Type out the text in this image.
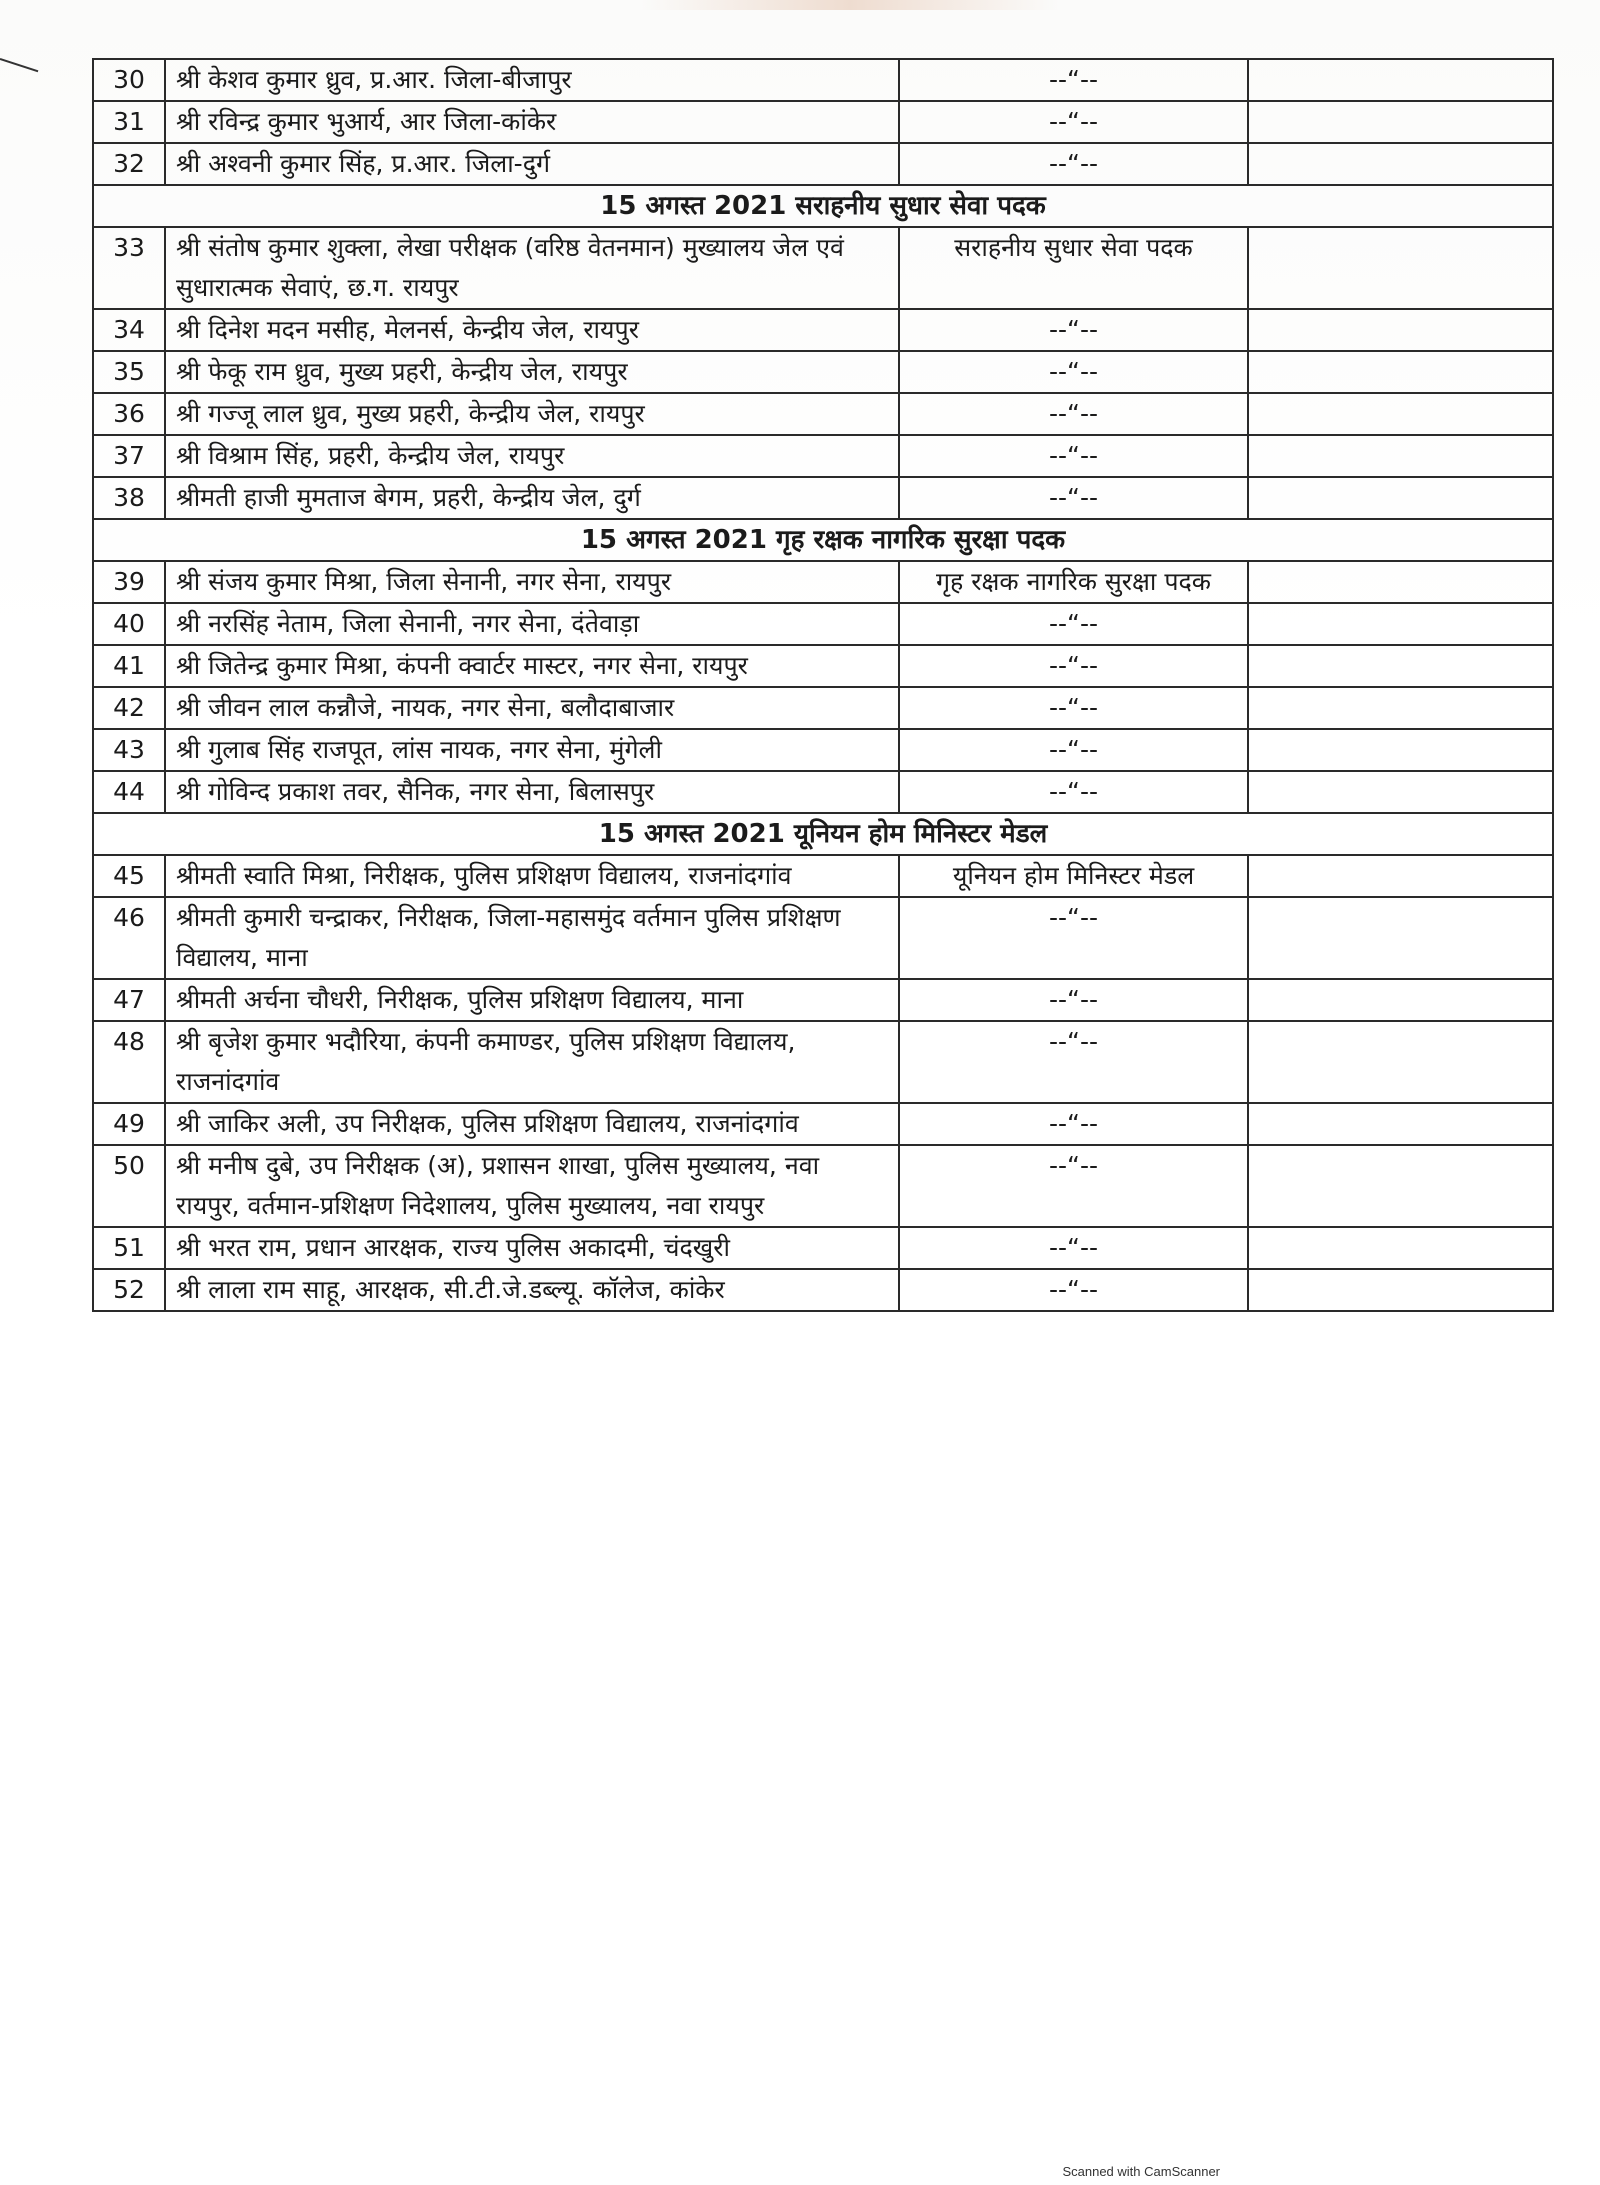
30	श्री केशव कुमार ध्रुव, प्र.आर. जिला-बीजापुर	--“--	
31	श्री रविन्द्र कुमार भुआर्य, आर जिला-कांकेर	--“--	
32	श्री अश्वनी कुमार सिंह, प्र.आर. जिला-दुर्ग	--“--	
15 अगस्त 2021 सराहनीय सुधार सेवा पदक			
33	श्री संतोष कुमार शुक्ला, लेखा परीक्षक (वरिष्ठ वेतनमान) मुख्यालय जेल एवं सुधारात्मक सेवाएं, छ.ग. रायपुर	सराहनीय सुधार सेवा पदक	
34	श्री दिनेश मदन मसीह, मेलनर्स, केन्द्रीय जेल, रायपुर	--“--	
35	श्री फेकू राम ध्रुव, मुख्य प्रहरी, केन्द्रीय जेल, रायपुर	--“--	
36	श्री गज्जू लाल ध्रुव, मुख्य प्रहरी, केन्द्रीय जेल, रायपुर	--“--	
37	श्री विश्राम सिंह, प्रहरी, केन्द्रीय जेल, रायपुर	--“--	
38	श्रीमती हाजी मुमताज बेगम, प्रहरी, केन्द्रीय जेल, दुर्ग	--“--	
15 अगस्त 2021 गृह रक्षक नागरिक सुरक्षा पदक			
39	श्री संजय कुमार मिश्रा, जिला सेनानी, नगर सेना, रायपुर	गृह रक्षक नागरिक सुरक्षा पदक	
40	श्री नरसिंह नेताम, जिला सेनानी, नगर सेना, दंतेवाड़ा	--“--	
41	श्री जितेन्द्र कुमार मिश्रा, कंपनी क्वार्टर मास्टर, नगर सेना, रायपुर	--“--	
42	श्री जीवन लाल कन्नौजे, नायक, नगर सेना, बलौदाबाजार	--“--	
43	श्री गुलाब सिंह राजपूत, लांस नायक, नगर सेना, मुंगेली	--“--	
44	श्री गोविन्द प्रकाश तवर, सैनिक, नगर सेना, बिलासपुर	--“--	
15 अगस्त 2021 यूनियन होम मिनिस्टर मेडल			
45	श्रीमती स्वाति मिश्रा, निरीक्षक, पुलिस प्रशिक्षण विद्यालय, राजनांदगांव	यूनियन होम मिनिस्टर मेडल	
46	श्रीमती कुमारी चन्द्राकर, निरीक्षक, जिला-महासमुंद वर्तमान पुलिस प्रशिक्षण विद्यालय, माना	--“--	
47	श्रीमती अर्चना चौधरी, निरीक्षक, पुलिस प्रशिक्षण विद्यालय, माना	--“--	
48	श्री बृजेश कुमार भदौरिया, कंपनी कमाण्डर, पुलिस प्रशिक्षण विद्यालय, राजनांदगांव	--“--	
49	श्री जाकिर अली, उप निरीक्षक, पुलिस प्रशिक्षण विद्यालय, राजनांदगांव	--“--	
50	श्री मनीष दुबे, उप निरीक्षक (अ), प्रशासन शाखा, पुलिस मुख्यालय, नवा रायपुर, वर्तमान-प्रशिक्षण निदेशालय, पुलिस मुख्यालय, नवा रायपुर	--“--	
51	श्री भरत राम, प्रधान आरक्षक, राज्य पुलिस अकादमी, चंदखुरी	--“--	
52	श्री लाला राम साहू, आरक्षक, सी.टी.जे.डब्ल्यू. कॉलेज, कांकेर	--“--	
Scanned with CamScanner
